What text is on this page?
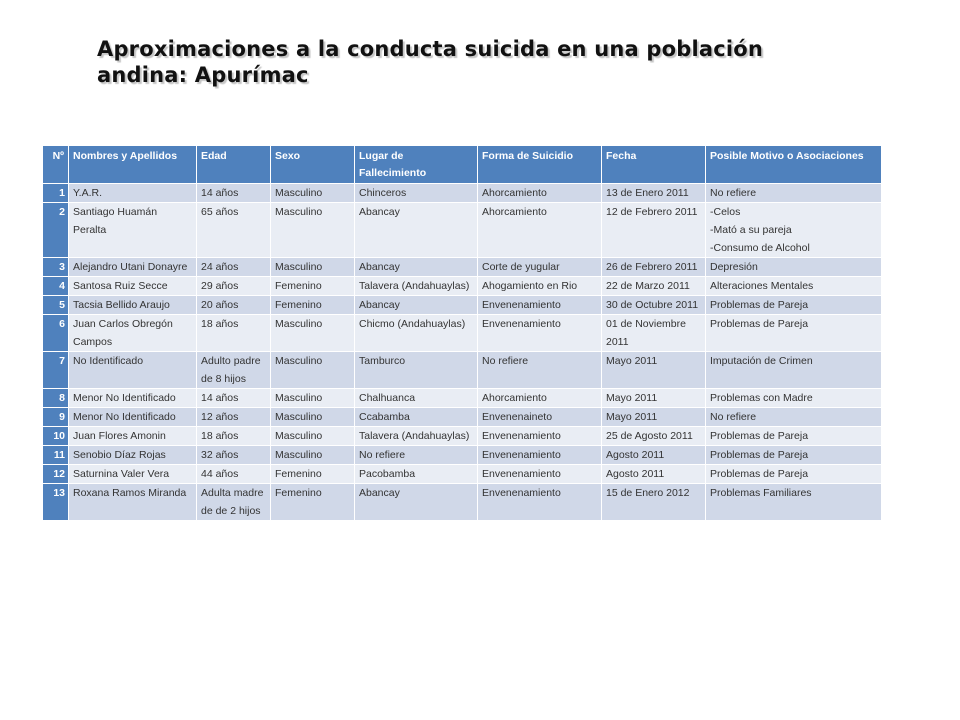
Aproximaciones a la conducta suicida en una población andina: Apurímac
Nº	Nombres y Apellidos	Edad	Sexo	Lugar de Fallecimiento	Forma de Suicidio	Fecha	Posible Motivo o Asociaciones
1	Y.A.R.	14 años	Masculino	Chinceros	Ahorcamiento	13 de Enero 2011	No refiere

2	Santiago Huamán Peralta	65 años	Masculino	Abancay	Ahorcamiento	12 de Febrero 2011	-Celos
-Mató a su pareja
-Consumo de Alcohol

3	Alejandro Utani Donayre	24 años	Masculino	Abancay	Corte de yugular	26 de Febrero 2011	Depresión

4	Santosa Ruiz Secce	29 años	Femenino	Talavera (Andahuaylas)	Ahogamiento en Rio	22 de Marzo 2011	Alteraciones Mentales

5	Tacsia Bellido Araujo	20 años	Femenino	Abancay	Envenenamiento	30 de Octubre 2011	Problemas de Pareja

6	Juan Carlos Obregón Campos	18 años	Masculino	Chicmo (Andahuaylas)	Envenenamiento	01 de Noviembre 2011	Problemas de Pareja

7	No Identificado	Adulto padre de 8 hijos	Masculino	Tamburco	No refiere	Mayo 2011	Imputación de Crimen

8	Menor No Identificado	14 años	Masculino	Chalhuanca	Ahorcamiento	Mayo 2011	Problemas con Madre

9	Menor No Identificado	12 años	Masculino	Ccabamba	Envenenaineto	Mayo 2011	No refiere

10	Juan Flores Amonin	18 años	Masculino	Talavera (Andahuaylas)	Envenenamiento	25 de Agosto 2011	Problemas de Pareja

11	Senobio Díaz Rojas	32 años	Masculino	No refiere	Envenenamiento	Agosto 2011	Problemas de Pareja

12	Saturnina Valer Vera	44 años	Femenino	Pacobamba	Envenenamiento	Agosto 2011	Problemas de Pareja

13	Roxana Ramos Miranda	Adulta madre de de 2 hijos	Femenino	Abancay	Envenenamiento	15 de Enero 2012	Problemas Familiares
